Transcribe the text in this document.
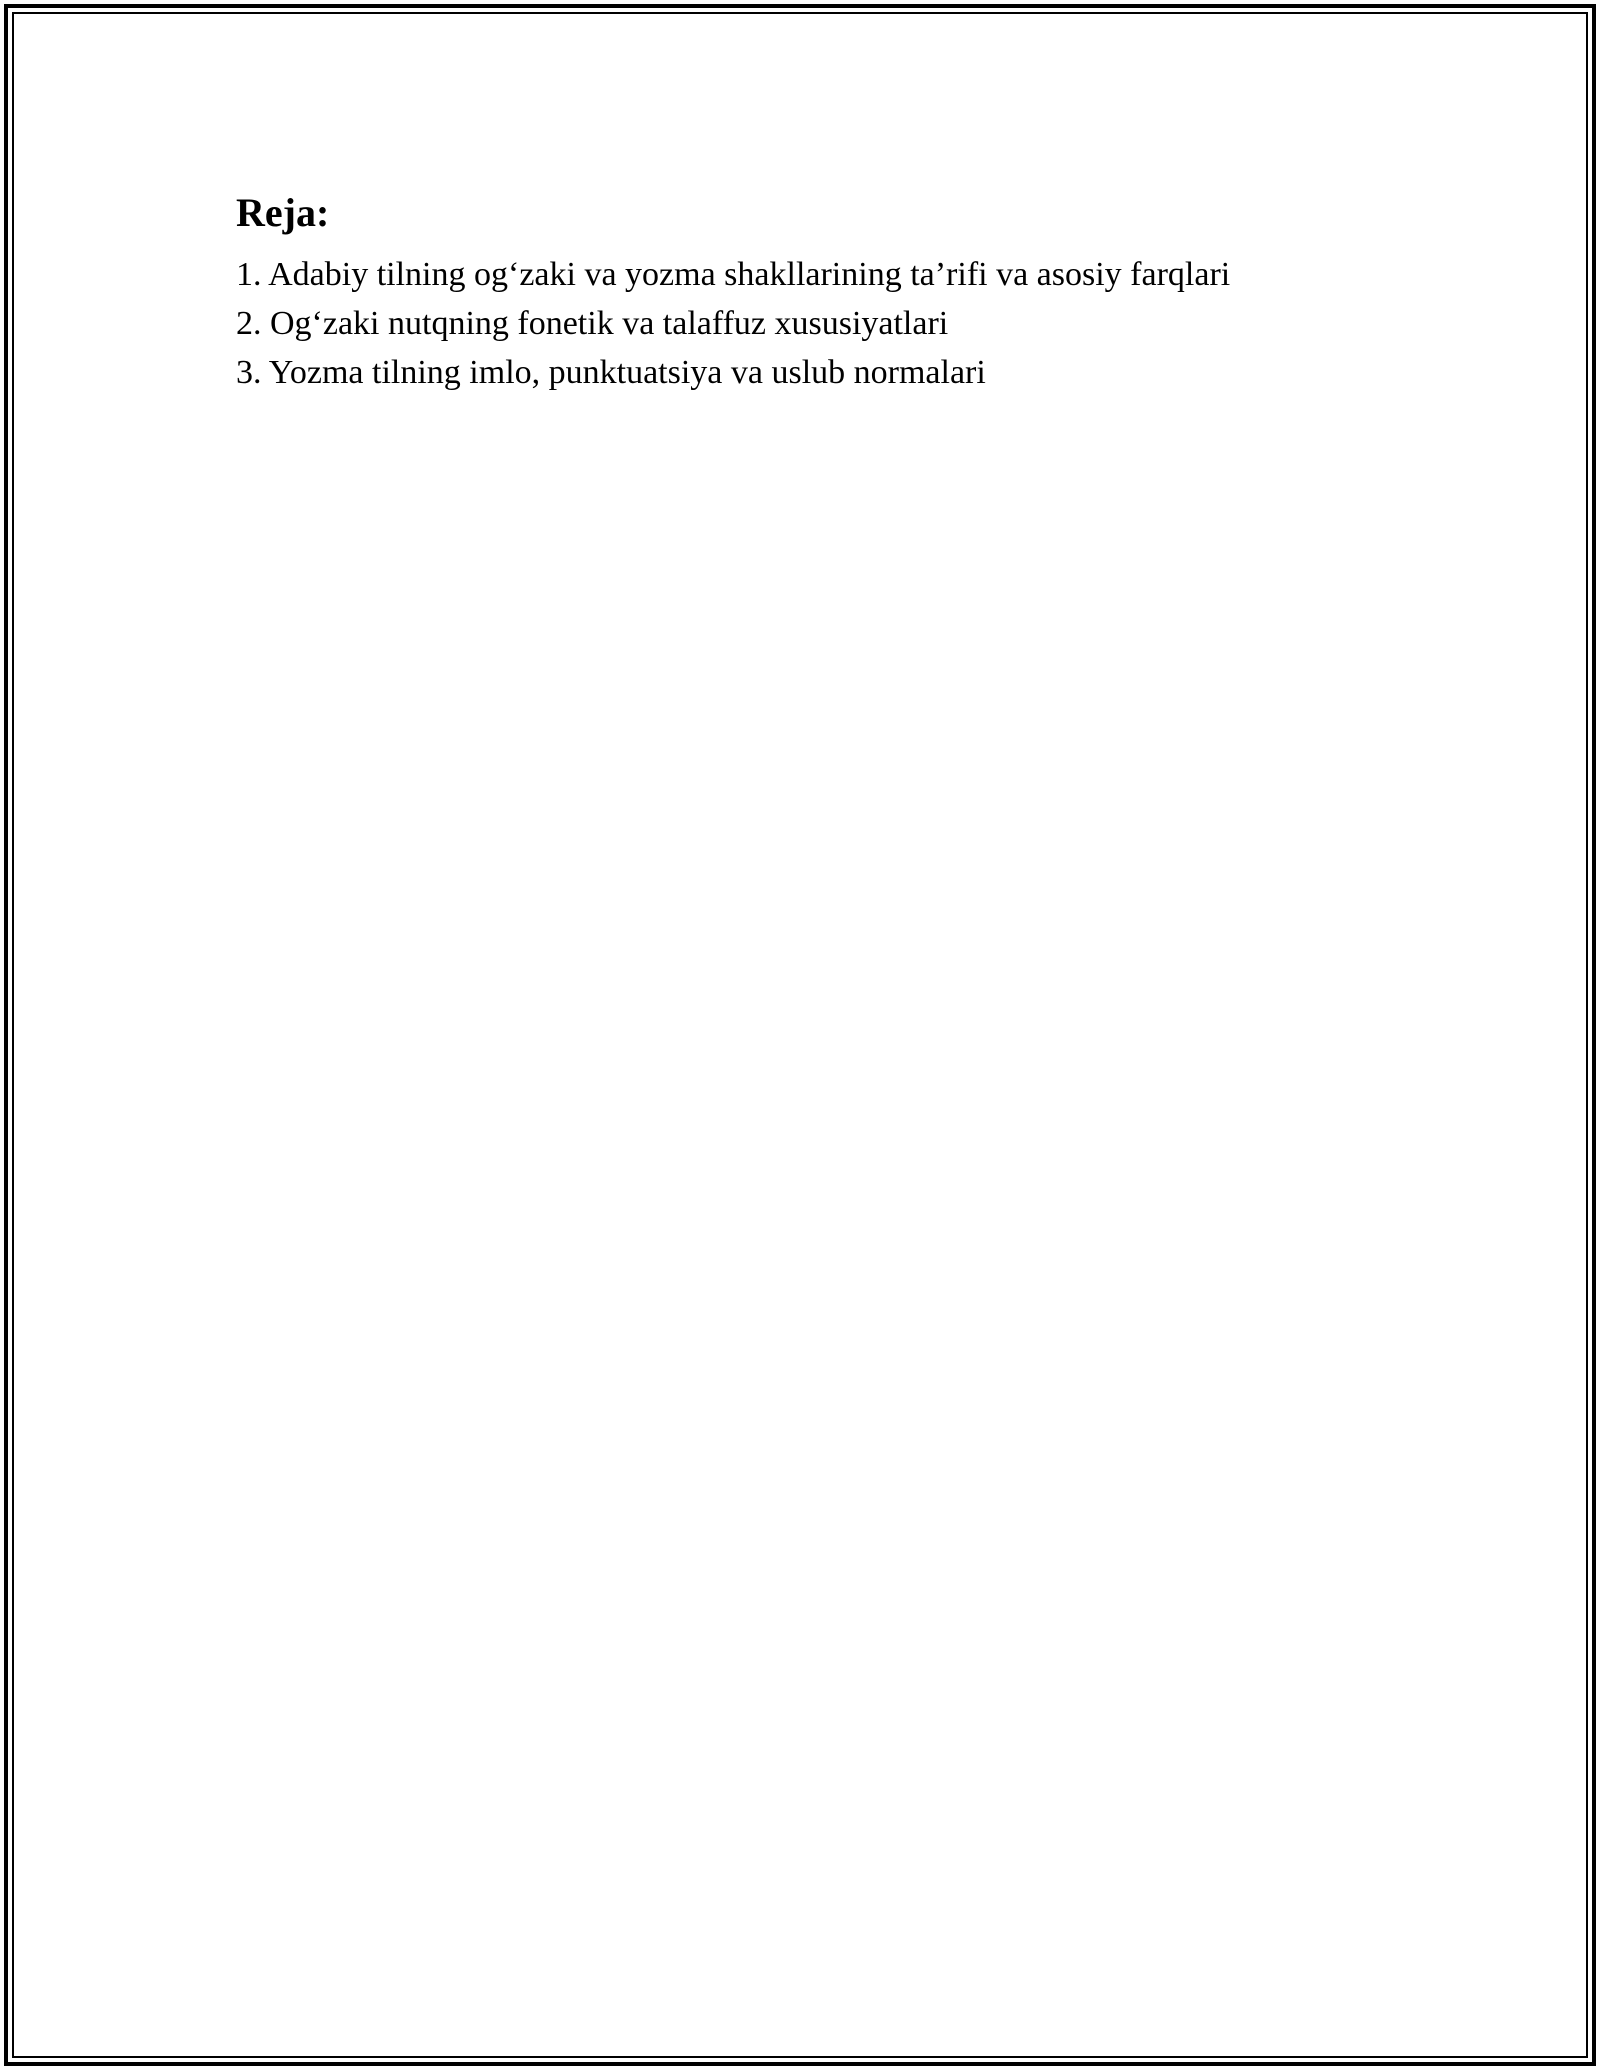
Reja:
1. Adabiy tilning og‘zaki va yozma shakllarining ta’rifi va asosiy farqlari
2. Og‘zaki nutqning fonetik va talaffuz xususiyatlari
3. Yozma tilning imlo, punktuatsiya va uslub normalari
